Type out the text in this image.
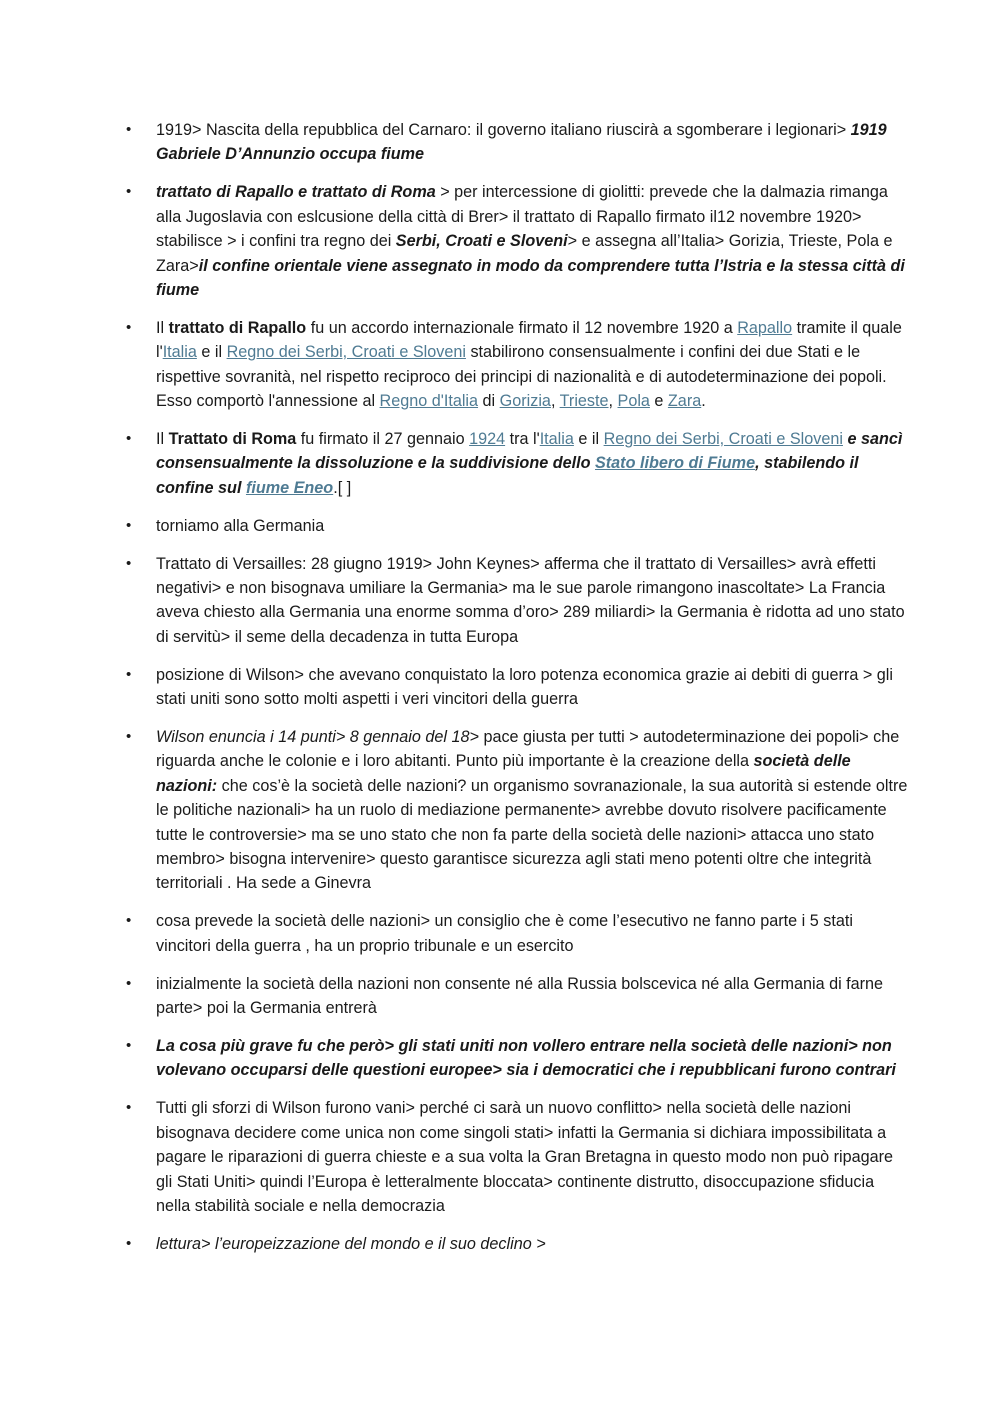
• 1919> Nascita della repubblica del Carnaro: il governo italiano riuscirà a sgomberare i legionari> 1919 Gabriele D’Annunzio occupa fiume
• trattato di Rapallo e trattato di Roma > per intercessione di giolitti: prevede che la dalmazia rimanga alla Jugoslavia con eslcusione della città di Brer> il trattato di Rapallo firmato il12 novembre 1920> stabilisce > i confini tra regno dei Serbi, Croati e Sloveni> e assegna all’Italia> Gorizia, Trieste, Pola e Zara>il confine orientale viene assegnato in modo da comprendere tutta l’Istria e la stessa città di fiume
• Il trattato di Rapallo fu un accordo internazionale firmato il 12 novembre 1920 a Rapallo tramite il quale l'Italia e il Regno dei Serbi, Croati e Sloveni stabilirono consensualmente i confini dei due Stati e le rispettive sovranità, nel rispetto reciproco dei principi di nazionalità e di autodeterminazione dei popoli. Esso comportò l'annessione al Regno d'Italia di Gorizia, Trieste, Pola e Zara.
• Il Trattato di Roma fu firmato il 27 gennaio 1924 tra l'Italia e il Regno dei Serbi, Croati e Sloveni e sancì consensualmente la dissoluzione e la suddivisione dello Stato libero di Fiume, stabilendo il confine sul fiume Eneo.[ ]
• torniamo alla Germania
• Trattato di Versailles: 28 giugno 1919> John Keynes> afferma che il trattato di Versailles> avrà effetti negativi> e non bisognava umiliare la Germania> ma le sue parole rimangono inascoltate> La Francia aveva chiesto alla Germania una enorme somma d’oro> 289 miliardi> la Germania è ridotta ad uno stato di servitù> il seme della decadenza in tutta Europa
• posizione di Wilson> che avevano conquistato la loro potenza economica grazie ai debiti di guerra > gli stati uniti sono sotto molti aspetti i veri vincitori della guerra
• Wilson enuncia i 14 punti> 8 gennaio del 18> pace giusta per tutti > autodeterminazione dei popoli> che riguarda anche le colonie e i loro abitanti. Punto più importante è la creazione della società delle nazioni: che cos’è la società delle nazioni? un organismo sovranazionale, la sua autorità si estende oltre le politiche nazionali> ha un ruolo di mediazione permanente> avrebbe dovuto risolvere pacificamente tutte le controversie> ma se uno stato che non fa parte della società delle nazioni> attacca uno stato membro> bisogna intervenire> questo garantisce sicurezza agli stati meno potenti oltre che integrità territoriali . Ha sede a Ginevra
• cosa prevede la società delle nazioni> un consiglio che è come l’esecutivo ne fanno parte i 5 stati vincitori della guerra , ha un proprio tribunale e un esercito
• inizialmente la società della nazioni non consente né alla Russia bolscevica né alla Germania di farne parte> poi la Germania entrerà
• La cosa più grave fu che però> gli stati uniti non vollero entrare nella società delle nazioni> non volevano occuparsi delle questioni europee> sia i democratici che i repubblicani furono contrari
• Tutti gli sforzi di Wilson furono vani> perché ci sarà un nuovo conflitto> nella società delle nazioni bisognava decidere come unica non come singoli stati> infatti la Germania si dichiara impossibilitata a pagare le riparazioni di guerra chieste e a sua volta la Gran Bretagna in questo modo non può ripagare gli Stati Uniti> quindi l’Europa è letteralmente bloccata> continente distrutto, disoccupazione sfiducia nella stabilità sociale e nella democrazia
• lettura> l’europeizzazione del mondo e il suo declino >
